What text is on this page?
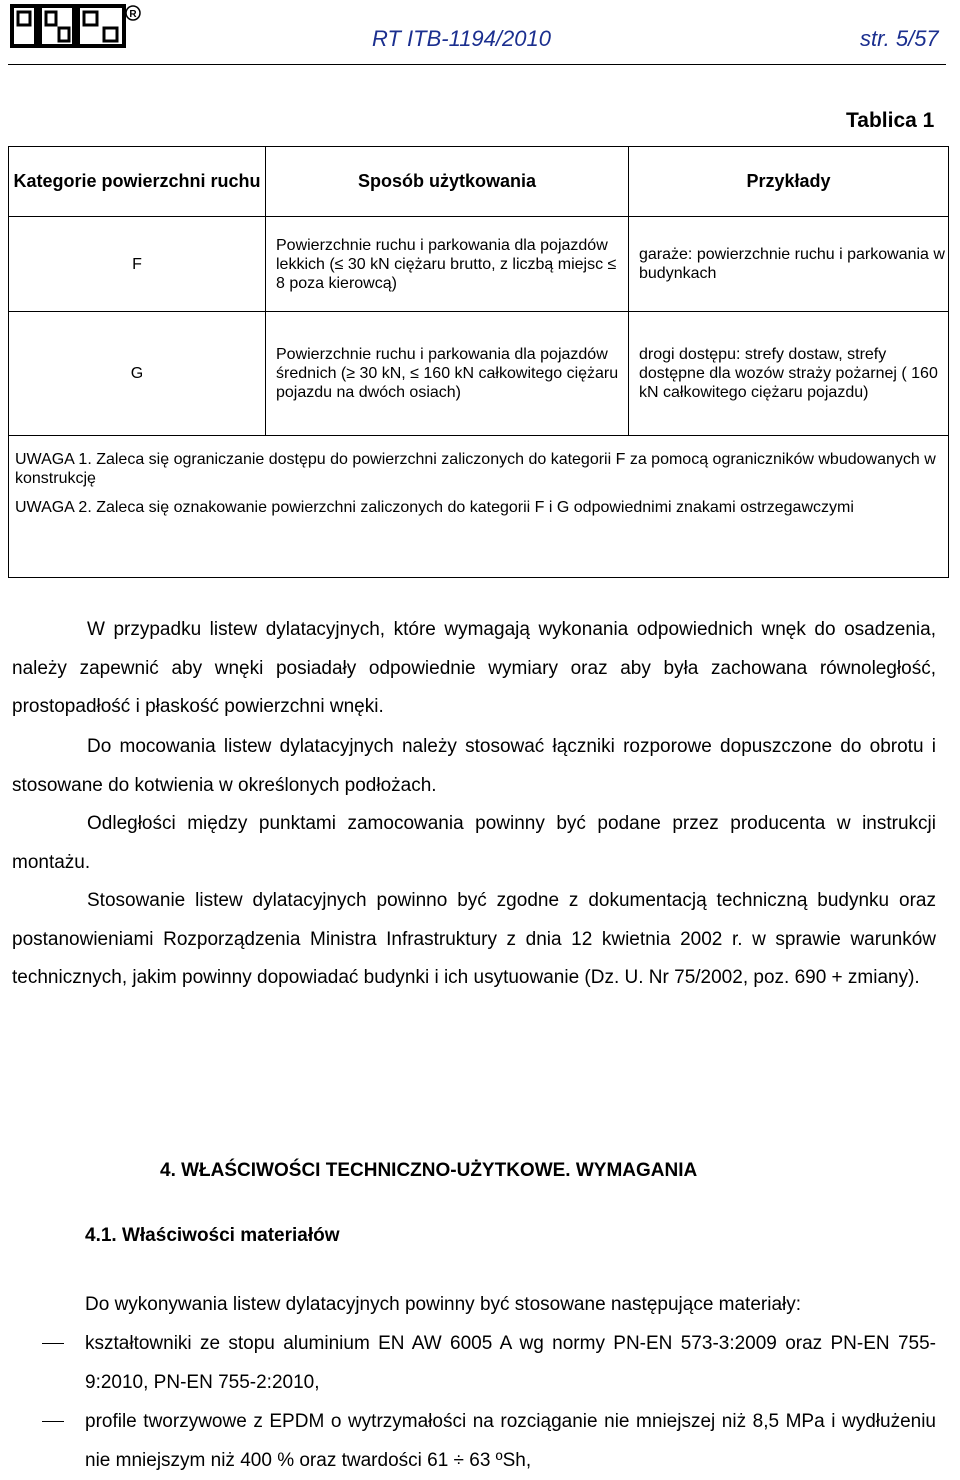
R
RT ITB-1194/2010	str. 5/57
Tablica 1
Kategorie powierzchni ruchu	Sposób użytkowania	Przykłady
F	Powierzchnie ruchu i parkowania dla pojazdów lekkich (≤ 30 kN ciężaru brutto, z liczbą miejsc ≤ 8 poza kierowcą)	garaże: powierzchnie ruchu i parkowania w budynkach
G	Powierzchnie ruchu i parkowania dla pojazdów średnich (≥ 30 kN, ≤ 160 kN całkowitego ciężaru pojazdu na dwóch osiach)	drogi dostępu: strefy dostaw, strefy dostępne dla wozów straży pożarnej ( 160 kN całkowitego ciężaru pojazdu)

UWAGA 1. Zaleca się ograniczanie dostępu do powierzchni zaliczonych do kategorii F za pomocą ograniczników wbudowanych w konstrukcję

UWAGA 2. Zaleca się oznakowanie powierzchni zaliczonych do kategorii F i G odpowiednimi znakami ostrzegawczymi		

W przypadku listew dylatacyjnych, które wymagają wykonania odpowiednich wnęk do osadzenia, należy zapewnić aby wnęki posiadały odpowiednie wymiary oraz aby była zachowana równoległość, prostopadłość i płaskość powierzchni wnęki.

Do mocowania listew dylatacyjnych należy stosować łączniki rozporowe dopuszczone do obrotu i stosowane do kotwienia w określonych podłożach.

Odległości między punktami zamocowania powinny być podane przez producenta w instrukcji montażu.

Stosowanie listew dylatacyjnych powinno być zgodne z dokumentacją techniczną budynku oraz postanowieniami Rozporządzenia Ministra Infrastruktury z dnia 12 kwietnia 2002 r. w sprawie warunków technicznych, jakim powinny dopowiadać budynki i ich usytuowanie (Dz. U. Nr 75/2002, poz. 690 + zmiany).

4. WŁAŚCIWOŚCI TECHNICZNO-UŻYTKOWE. WYMAGANIA
4.1. Właściwości materiałów

Do wykonywania listew dylatacyjnych powinny być stosowane następujące materiały:

kształtowniki ze stopu aluminium EN AW 6005 A wg normy PN-EN 573-3:2009 oraz PN-EN 755-9:2010, PN-EN 755-2:2010,

profile tworzywowe z EPDM o wytrzymałości na rozciąganie nie mniejszej niż 8,5 MPa i wydłużeniu nie mniejszym niż 400 % oraz twardości 61 ÷ 63 ºSh,
